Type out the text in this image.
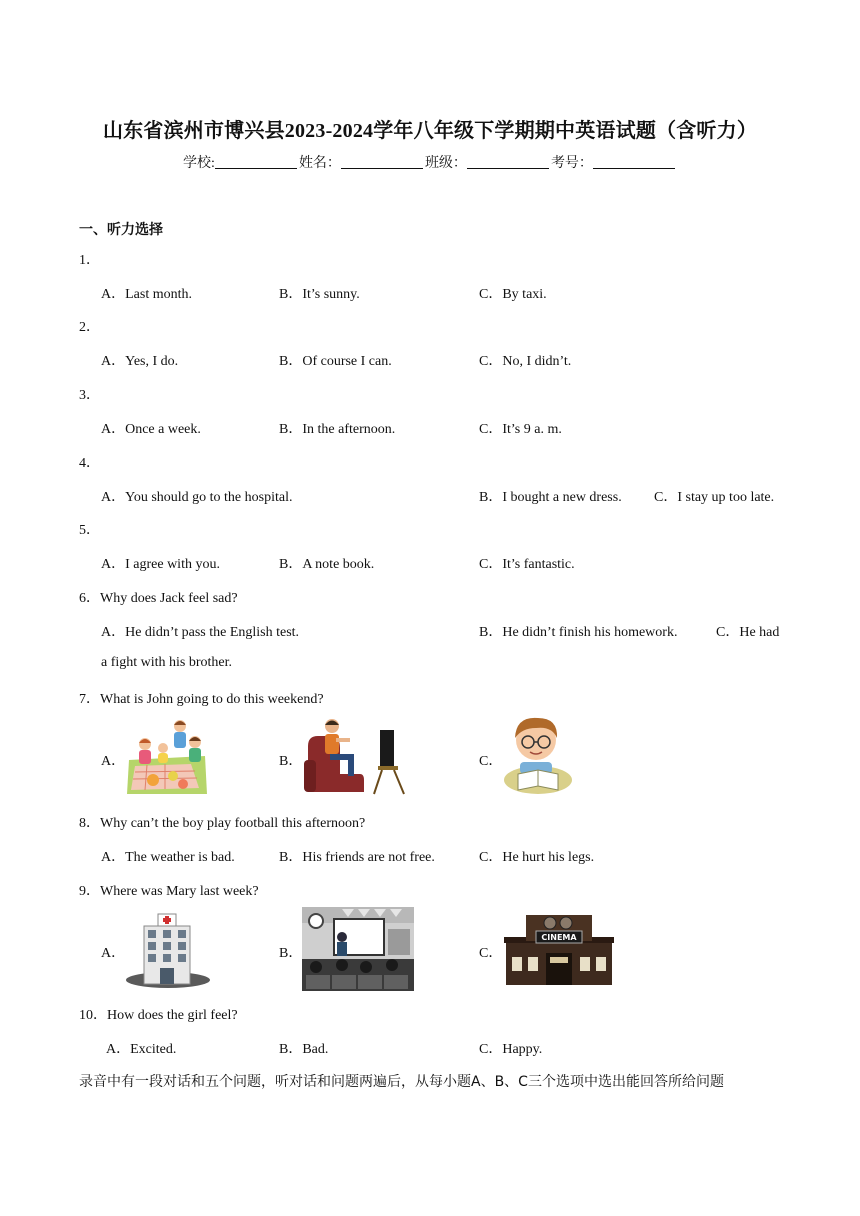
山东省滨州市博兴县2023-2024学年八年级下学期期中英语试题（含听力）
学校:	姓名：	班级：	考号：
一、听力选择
1．
A．Last month.	B．It’s sunny.	C．By taxi.
2．
A．Yes, I do.	B．Of course I can.	C．No, I didn’t.
3．
A．Once a week.	B．In the afternoon.	C．It’s 9 a. m.
4．
A．You should go to the hospital.	B．I bought a new dress. C．I stay up too late.
5．
A．I agree with you.	B．A note book.	C．It’s fantastic.
6．Why does Jack feel sad?
A．He didn’t pass the English test.	B．He didn’t finish his homework.	C．He had
a fight with his brother.
7．What is John going to do this weekend?
A．	B．	C．
8．Why can’t the boy play football this afternoon?
A．The weather is bad.	B．His friends are not free.	C．He hurt his legs.
9．Where was Mary last week?
A．	B．	C．
CINEMA
10．How does the girl feel?
A．Excited.	B．Bad.	C．Happy.
录音中有一段对话和五个问题，听对话和问题两遍后，从每小题A、B、C三个选项中选出能回答所给问题
